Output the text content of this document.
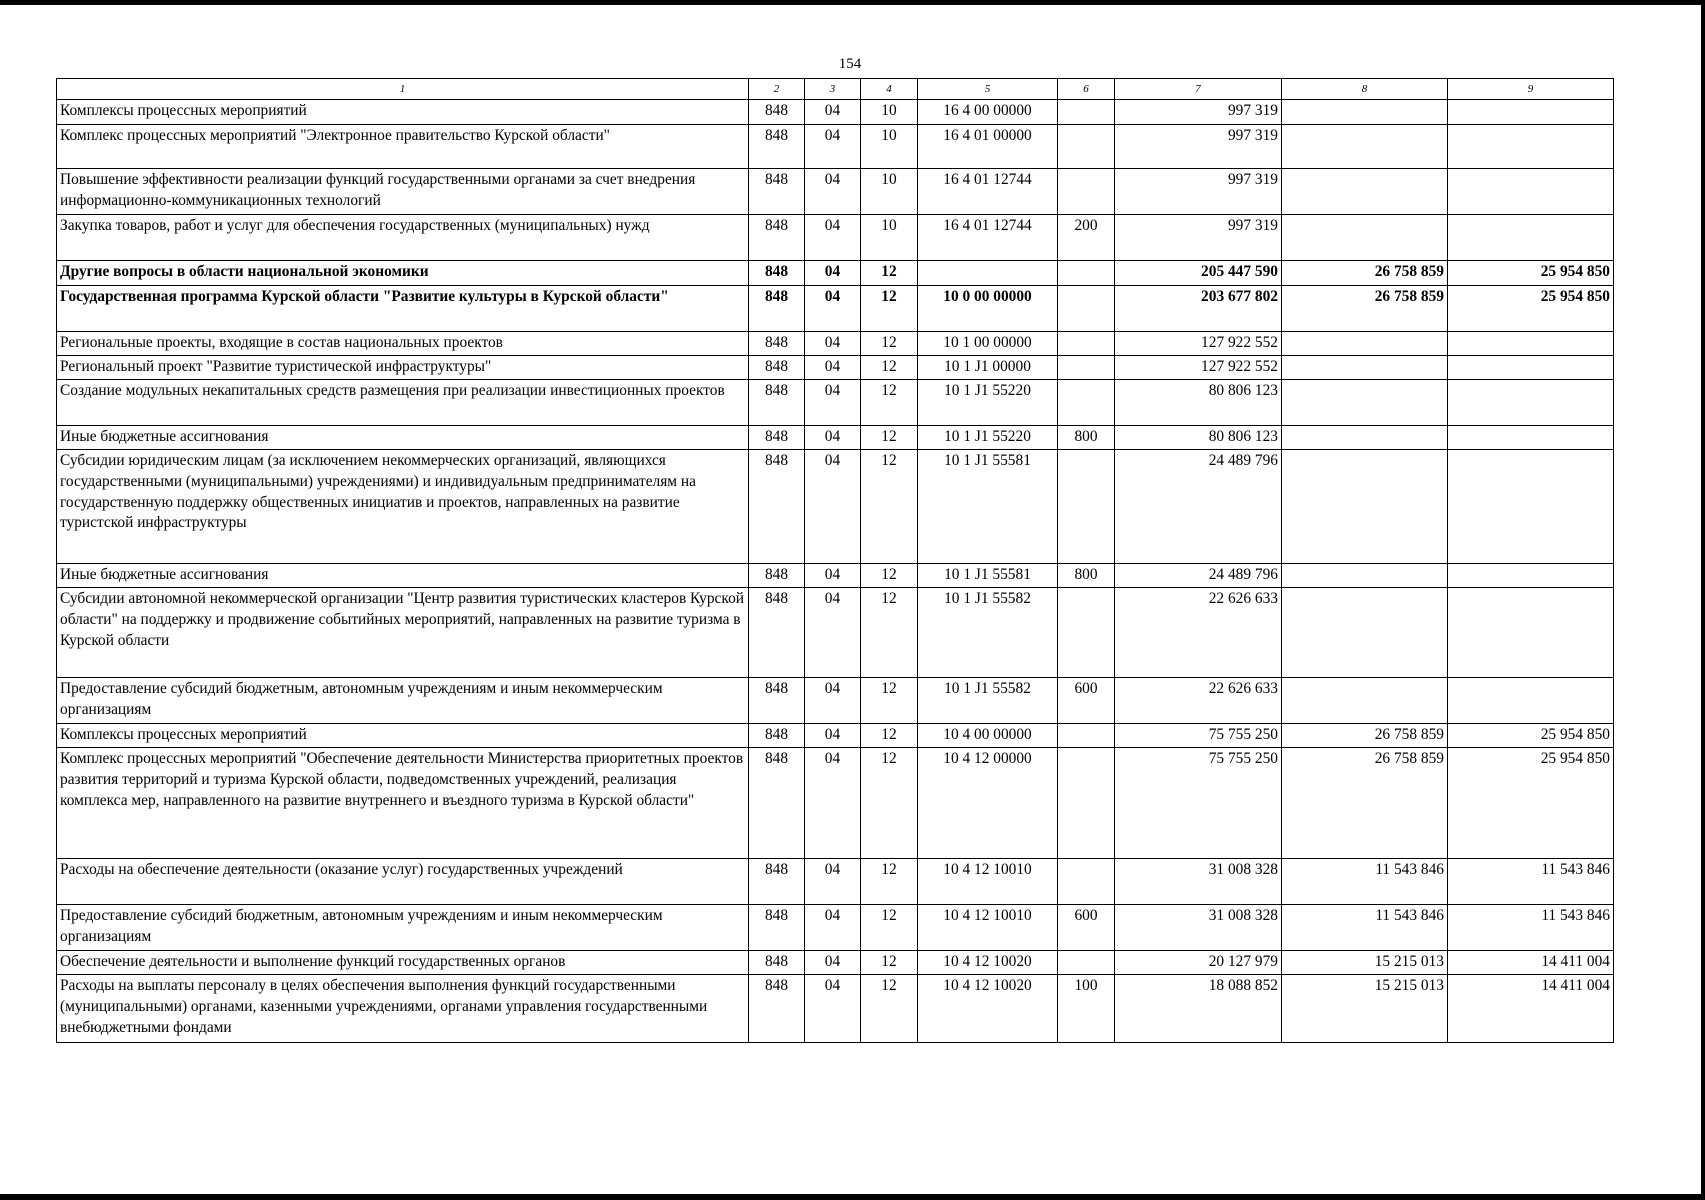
154
1	2	3	4	5	6	7	8	9
Комплексы процессных мероприятий	848	04	10	16 4 00 00000		997 319		
Комплекс процессных мероприятий "Электронное правительство Курской области"	848	04	10	16 4 01 00000		997 319		
Повышение эффективности реализации функций государственными органами за счет внедрения информационно-коммуникационных технологий	848	04	10	16 4 01 12744		997 319		
Закупка товаров, работ и услуг для обеспечения государственных (муниципальных) нужд	848	04	10	16 4 01 12744	200	997 319		
Другие вопросы в области национальной экономики	848	04	12			205 447 590	26 758 859	25 954 850
Государственная программа Курской области "Развитие культуры в Курской области"	848	04	12	10 0 00 00000		203 677 802	26 758 859	25 954 850
Региональные проекты, входящие в состав национальных проектов	848	04	12	10 1 00 00000		127 922 552		
Региональный проект "Развитие туристической инфраструктуры"	848	04	12	10 1 J1 00000		127 922 552		
Создание модульных некапитальных средств размещения при реализации инвестиционных проектов	848	04	12	10 1 J1 55220		80 806 123		
Иные бюджетные ассигнования	848	04	12	10 1 J1 55220	800	80 806 123		
Субсидии юридическим лицам (за исключением некоммерческих организаций, являющихся государственными (муниципальными) учреждениями) и индивидуальным предпринимателям на государственную поддержку общественных инициатив и проектов, направленных на развитие туристской инфраструктуры	848	04	12	10 1 J1 55581		24 489 796		
Иные бюджетные ассигнования	848	04	12	10 1 J1 55581	800	24 489 796		
Субсидии автономной некоммерческой организации "Центр развития туристических кластеров Курской области" на поддержку и продвижение событийных мероприятий, направленных на развитие туризма в Курской области	848	04	12	10 1 J1 55582		22 626 633		
Предоставление субсидий бюджетным, автономным учреждениям и иным некоммерческим организациям	848	04	12	10 1 J1 55582	600	22 626 633		
Комплексы процессных мероприятий	848	04	12	10 4 00 00000		75 755 250	26 758 859	25 954 850
Комплекс процессных мероприятий "Обеспечение деятельности Министерства приоритетных проектов развития территорий и туризма Курской области, подведомственных учреждений, реализация комплекса мер, направленного на развитие внутреннего и въездного туризма в Курской области"	848	04	12	10 4 12 00000		75 755 250	26 758 859	25 954 850
Расходы на обеспечение деятельности (оказание услуг) государственных учреждений	848	04	12	10 4 12 10010		31 008 328	11 543 846	11 543 846
Предоставление субсидий бюджетным, автономным учреждениям и иным некоммерческим организациям	848	04	12	10 4 12 10010	600	31 008 328	11 543 846	11 543 846
Обеспечение деятельности и выполнение функций государственных органов	848	04	12	10 4 12 10020		20 127 979	15 215 013	14 411 004
Расходы на выплаты персоналу в целях обеспечения выполнения функций государственными (муниципальными) органами, казенными учреждениями, органами управления государственными внебюджетными фондами	848	04	12	10 4 12 10020	100	18 088 852	15 215 013	14 411 004
